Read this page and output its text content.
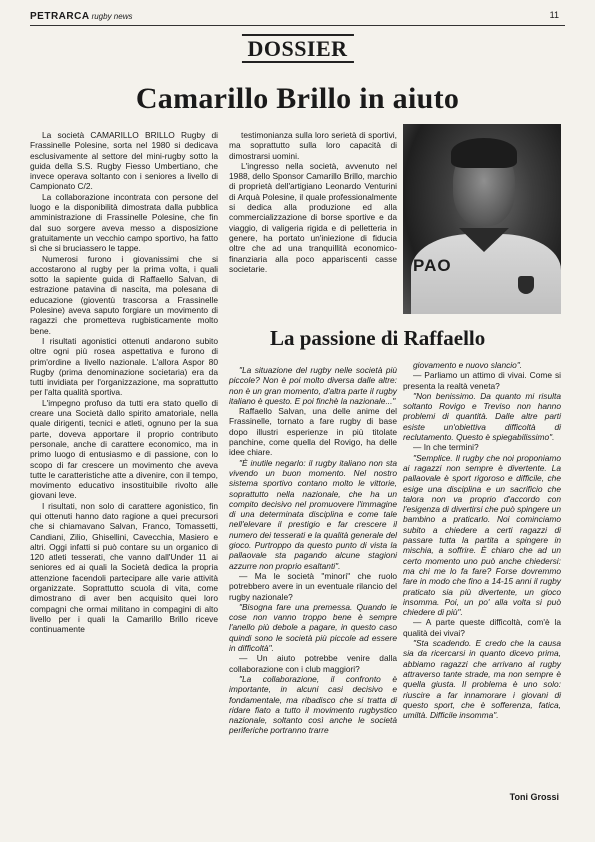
PETRARCA rugby news	11
DOSSIER
Camarillo Brillo in aiuto

La società CAMARILLO BRILLO Rugby di Frassinelle Polesine, sorta nel 1980 si dedicava esclusivamente al settore del mini-rugby sotto la guida della S.S. Rugby Fiesso Umbertiano, che invece operava soltanto con i seniores a livello di Campionato C/2.

La collaborazione incontrata con persone del luogo e la disponibilità dimostrata dalla pubblica amministrazione di Frassinelle Polesine, che fin dal suo sorgere aveva messo a disposizione gratuitamente un vecchio campo sportivo, ha fatto sì che si bruciassero le tappe.

Numerosi furono i giovanissimi che si accostarono al rugby per la prima volta, i quali sotto la sapiente guida di Raffaello Salvan, di estrazione patavina di nascita, ma polesana di educazione (gioventù trascorsa a Frassinelle Polesine) aveva saputo forgiare un movimento di ragazzi che prometteva rugbisticamente molto bene.

I risultati agonistici ottenuti andarono subito oltre ogni più rosea aspettativa e furono di prim'ordine a livello nazionale. L'allora Aspor 80 Rugby (prima denominazione societaria) era da tutti invidiata per l'organizzazione, ma soprattutto per l'alta qualità sportiva.

L'impegno profuso da tutti era stato quello di creare una Società dallo spirito amatoriale, nella quale dirigenti, tecnici e atleti, ognuno per la sua parte, doveva apportare il proprio contributo personale, anche di carattere economico, ma in primo luogo di entusiasmo e di passione, con lo scopo di far crescere un movimento che aveva tutte le caratteristiche atte a divenire, con il tempo, movimento educativo insostituibile rivolto alle giovani leve.

I risultati, non solo di carattere agonistico, fin qui ottenuti hanno dato ragione a quei precursori che si chiamavano Salvan, Franco, Tomassetti, Candiani, Zilio, Ghisellini, Cavecchia, Masiero e altri. Oggi infatti si può contare su un organico di 120 atleti tesserati, che vanno dall'Under 11 ai seniores ed ai quali la Società dedica la propria attenzione facendoli partecipare alle varie attività organizzate. Soprattutto scuola di vita, come dimostrano di aver ben acquisito quei loro compagni che ormai militano in compagini di alto livello per i quali la Camarillo Brillo riceve continuamente

testimonianza sulla loro serietà di sportivi, ma soprattutto sulla loro capacità di dimostrarsi uomini.

L'ingresso nella società, avvenuto nel 1988, dello Sponsor Camarillo Brillo, marchio di proprietà dell'artigiano Leonardo Venturini di Arquà Polesine, il quale professionalmente si dedica alla produzione ed alla commercializzazione di borse sportive e da viaggio, di valigeria rigida e di pelletteria in genere, ha portato un'iniezione di fiducia oltre che ad una tranquillità economico-finanziaria alla poco appariscenti casse societarie.	PAO
La passione di Raffaello

"La situazione del rugby nelle società più piccole? Non è poi molto diversa dalle altre: non è un gran momento, d'altra parte il rugby italiano è questo. E poi finchè la nazionale..."

Raffaello Salvan, una delle anime del Frassinelle, tornato a fare rugby di base dopo illustri esperienze in più titolate panchine, come quella del Rovigo, ha delle idee chiare.

"È inutile negarlo: il rugby italiano non sta vivendo un buon momento. Nel nostro sistema sportivo contano molto le vittorie, soprattutto nella nazionale, che ha un compito decisivo nel promuovere l'immagine di una determinata disciplina e come tale nell'elevare il prestigio e far crescere il numero dei tesserati e la qualità generale del gioco. Purtroppo da questo punto di vista la pallaovale sta pagando alcune stagioni azzurre non proprio esaltanti".

— Ma le società "minori" che ruolo potrebbero avere in un eventuale rilancio del rugby nazionale?

"Bisogna fare una premessa. Quando le cose non vanno troppo bene è sempre l'anello più debole a pagare, in questo caso quindi sono le società più piccole ad essere in difficoltà".

— Un aiuto potrebbe venire dalla collaborazione con i club maggiori?

"La collaborazione, il confronto è importante, in alcuni casi decisivo e fondamentale, ma ribadisco che si tratta di ridare fiato a tutto il movimento rugbystico nazionale, soltanto così anche le società periferiche portranno trarre

giovamento e nuovo slancio".

— Parliamo un attimo di vivai. Come si presenta la realtà veneta?

"Non benissimo. Da quanto mi risulta soltanto Rovigo e Treviso non hanno problemi di quantità. Dalle altre parti esiste un'obiettiva difficoltà di reclutamento. Questo è spiegabilissimo".

— In che termini?

"Semplice. Il rugby che noi proponiamo ai ragazzi non sempre è divertente. La pallaovale è sport rigoroso e difficile, che esige una disciplina e un sacrificio che talora non va proprio d'accordo con l'esigenza di divertirsi che può spingere un bambino a praticarlo. Noi cominciamo subito a chiedere a certi ragazzi di passare tutta la partita a spingere in mischia, a soffrire. È chiaro che ad un certo momento uno può anche chiedersi: ma chi me lo fa fare? Forse dovremmo fare in modo che fino a 14-15 anni il rugby praticato sia più divertente, un gioco insomma. Poi, un po' alla volta si può chiedere di più".

— A parte queste difficoltà, com'è la qualità dei vivai?

"Sta scadendo. E credo che la causa sia da ricercarsi in quanto dicevo prima, abbiamo ragazzi che arrivano al rugby attraverso tante strade, ma non sempre è quella giusta. Il problema è uno solo: riuscire a far innamorare i giovani di questo sport, che è sofferenza, fatica, umiltà. Difficile insomma".

Toni Grossi
